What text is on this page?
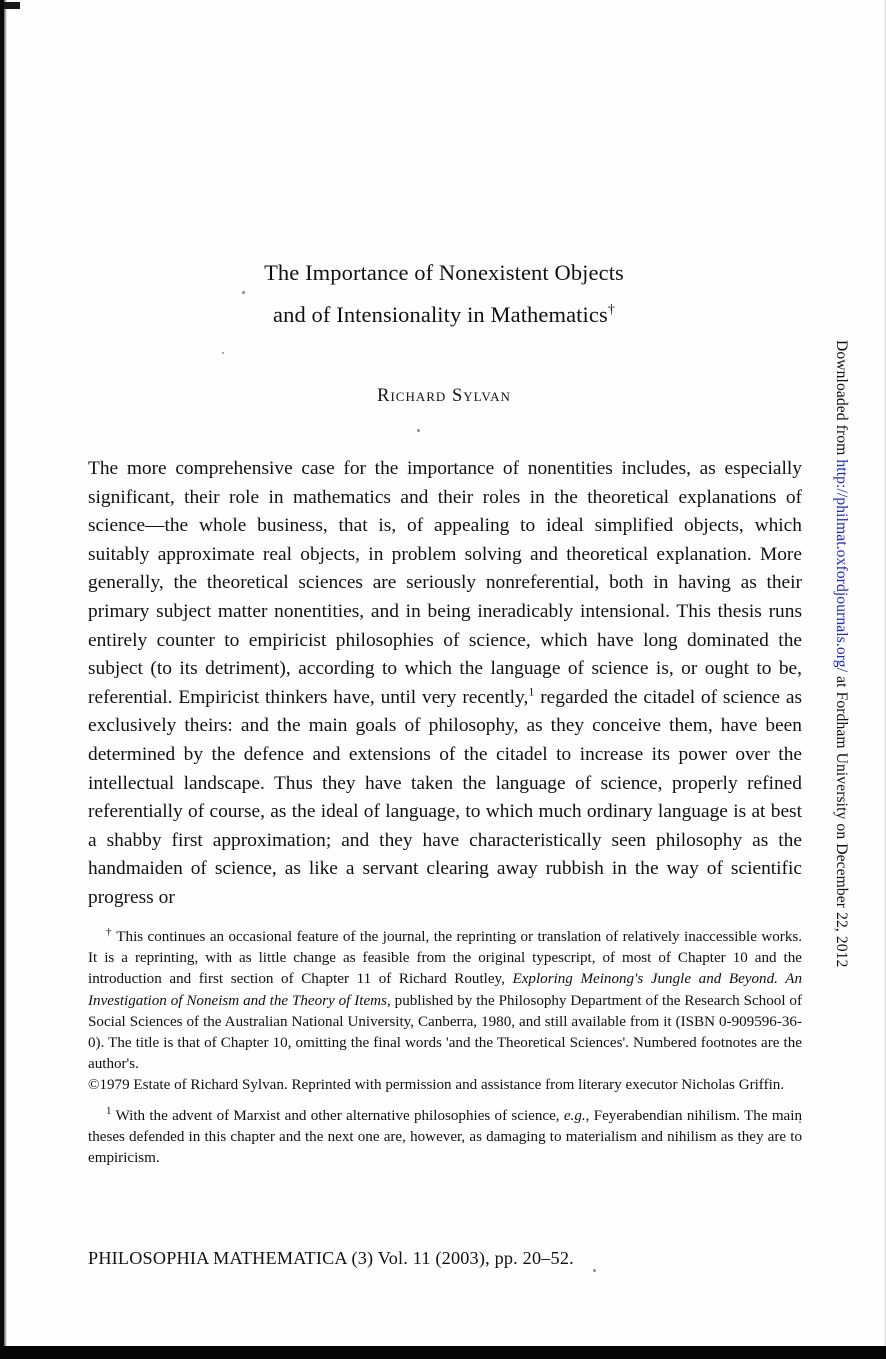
The Importance of Nonexistent Objects
and of Intensionality in Mathematics†
Richard Sylvan
The more comprehensive case for the importance of nonentities includes, as especially significant, their role in mathematics and their roles in the theoretical explanations of science—the whole business, that is, of appealing to ideal simplified objects, which suitably approximate real objects, in problem solving and theoretical explanation. More generally, the theoretical sciences are seriously nonreferential, both in having as their primary subject matter nonentities, and in being ineradicably intensional. This thesis runs entirely counter to empiricist philosophies of science, which have long dominated the subject (to its detriment), according to which the language of science is, or ought to be, referential. Empiricist thinkers have, until very recently,$^1$ regarded the citadel of science as exclusively theirs: and the main goals of philosophy, as they conceive them, have been determined by the defence and extensions of the citadel to increase its power over the intellectual landscape. Thus they have taken the language of science, properly refined referentially of course, as the ideal of language, to which much ordinary language is at best a shabby first approximation; and they have characteristically seen philosophy as the handmaiden of science, as like a servant clearing away rubbish in the way of scientific progress or

† This continues an occasional feature of the journal, the reprinting or translation of relatively inaccessible works. It is a reprinting, with as little change as feasible from the original typescript, of most of Chapter 10 and the introduction and first section of Chapter 11 of Richard Routley, Exploring Meinong's Jungle and Beyond. An Investigation of Noneism and the Theory of Items, published by the Philosophy Department of the Research School of Social Sciences of the Australian National University, Canberra, 1980, and still available from it (ISBN 0-909596-36-0). The title is that of Chapter 10, omitting the final words 'and the Theoretical Sciences'. Numbered footnotes are the author's.

©1979 Estate of Richard Sylvan. Reprinted with permission and assistance from literary executor Nicholas Griffin.

$^1$ With the advent of Marxist and other alternative philosophies of science, e.g., Feyerabendian nihilism. The main theses defended in this chapter and the next one are, however, as damaging to materialism and nihilism as they are to empiricism.

PHILOSOPHIA MATHEMATICA (3) Vol. 11 (2003), pp. 20–52.
Downloaded from http://philmat.oxfordjournals.org/ at Fordham University on December 22, 2012
